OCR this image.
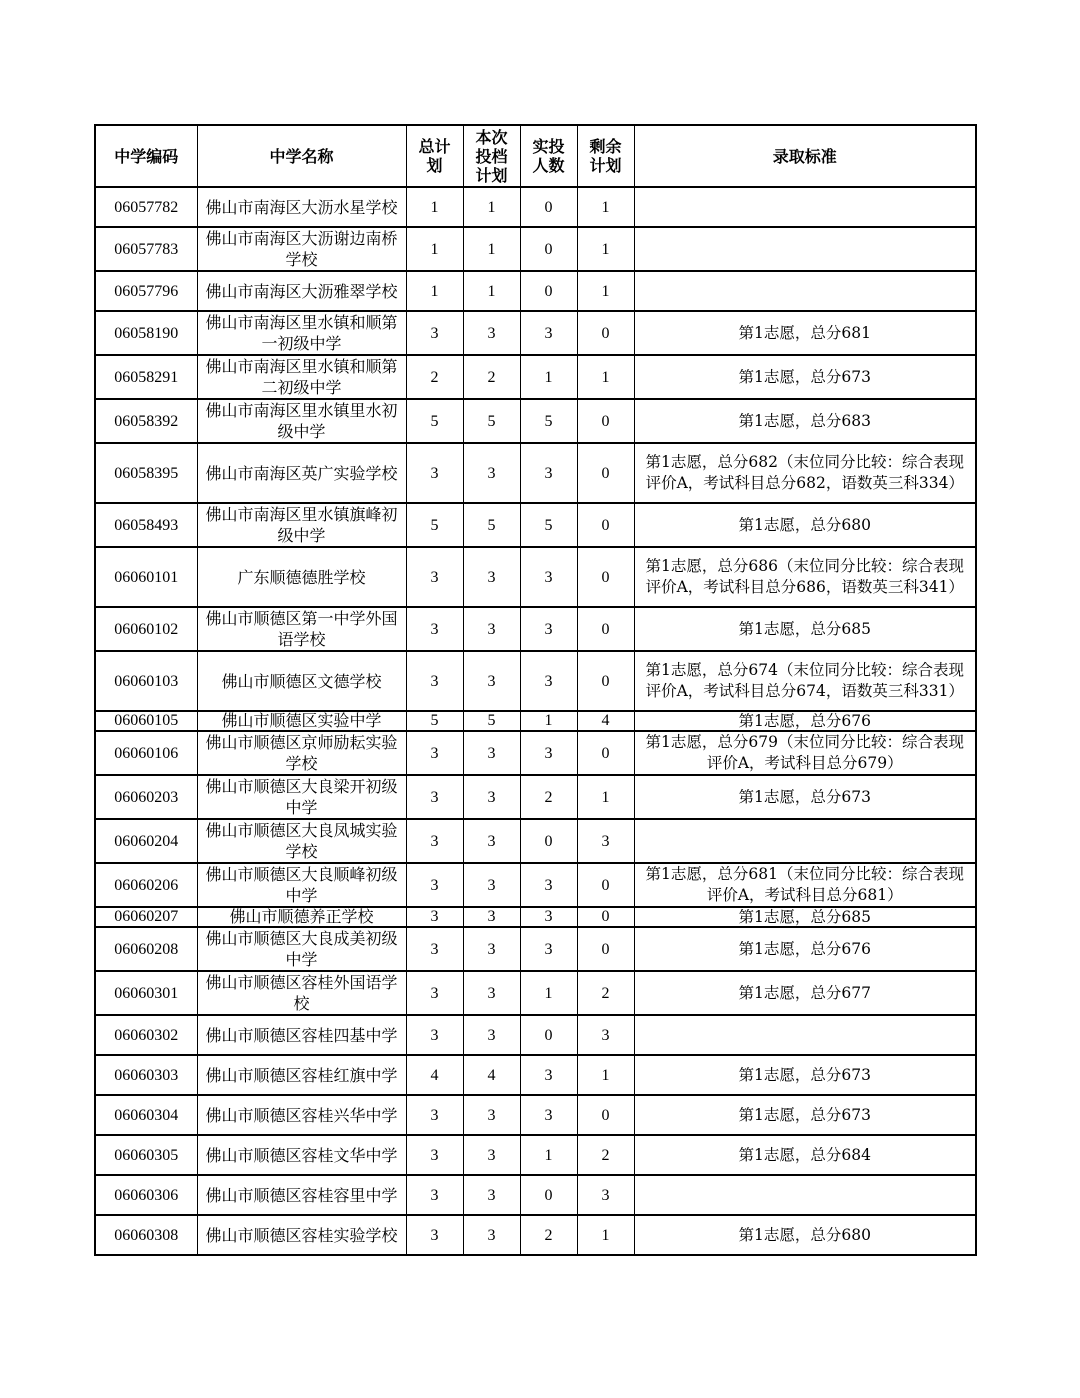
中学编码	中学名称	总计划	本次投档计划	实投人数	剩余计划	录取标准
06057782	佛山市南海区大沥水星学校	1	1	0	1	
06057783	佛山市南海区大沥谢边南桥学校	1	1	0	1	
06057796	佛山市南海区大沥雅翠学校	1	1	0	1	
06058190	佛山市南海区里水镇和顺第一初级中学	3	3	3	0	第1志愿，总分681
06058291	佛山市南海区里水镇和顺第二初级中学	2	2	1	1	第1志愿，总分673
06058392	佛山市南海区里水镇里水初级中学	5	5	5	0	第1志愿，总分683
06058395	佛山市南海区英广实验学校	3	3	3	0	第1志愿，总分682（末位同分比较：综合表现评价A，考试科目总分682，语数英三科334）
06058493	佛山市南海区里水镇旗峰初级中学	5	5	5	0	第1志愿，总分680
06060101	广东顺德德胜学校	3	3	3	0	第1志愿，总分686（末位同分比较：综合表现评价A，考试科目总分686，语数英三科341）
06060102	佛山市顺德区第一中学外国语学校	3	3	3	0	第1志愿，总分685
06060103	佛山市顺德区文德学校	3	3	3	0	第1志愿，总分674（末位同分比较：综合表现评价A，考试科目总分674，语数英三科331）
06060105	佛山市顺德区实验中学	5	5	1	4	第1志愿，总分676
06060106	佛山市顺德区京师励耘实验学校	3	3	3	0	第1志愿，总分679（末位同分比较：综合表现评价A，考试科目总分679）
06060203	佛山市顺德区大良梁开初级中学	3	3	2	1	第1志愿，总分673
06060204	佛山市顺德区大良凤城实验学校	3	3	0	3	
06060206	佛山市顺德区大良顺峰初级中学	3	3	3	0	第1志愿，总分681（末位同分比较：综合表现评价A，考试科目总分681）
06060207	佛山市顺德养正学校	3	3	3	0	第1志愿，总分685
06060208	佛山市顺德区大良成美初级中学	3	3	3	0	第1志愿，总分676
06060301	佛山市顺德区容桂外国语学校	3	3	1	2	第1志愿，总分677
06060302	佛山市顺德区容桂四基中学	3	3	0	3	
06060303	佛山市顺德区容桂红旗中学	4	4	3	1	第1志愿，总分673
06060304	佛山市顺德区容桂兴华中学	3	3	3	0	第1志愿，总分673
06060305	佛山市顺德区容桂文华中学	3	3	1	2	第1志愿，总分684
06060306	佛山市顺德区容桂容里中学	3	3	0	3	
06060308	佛山市顺德区容桂实验学校	3	3	2	1	第1志愿，总分680
